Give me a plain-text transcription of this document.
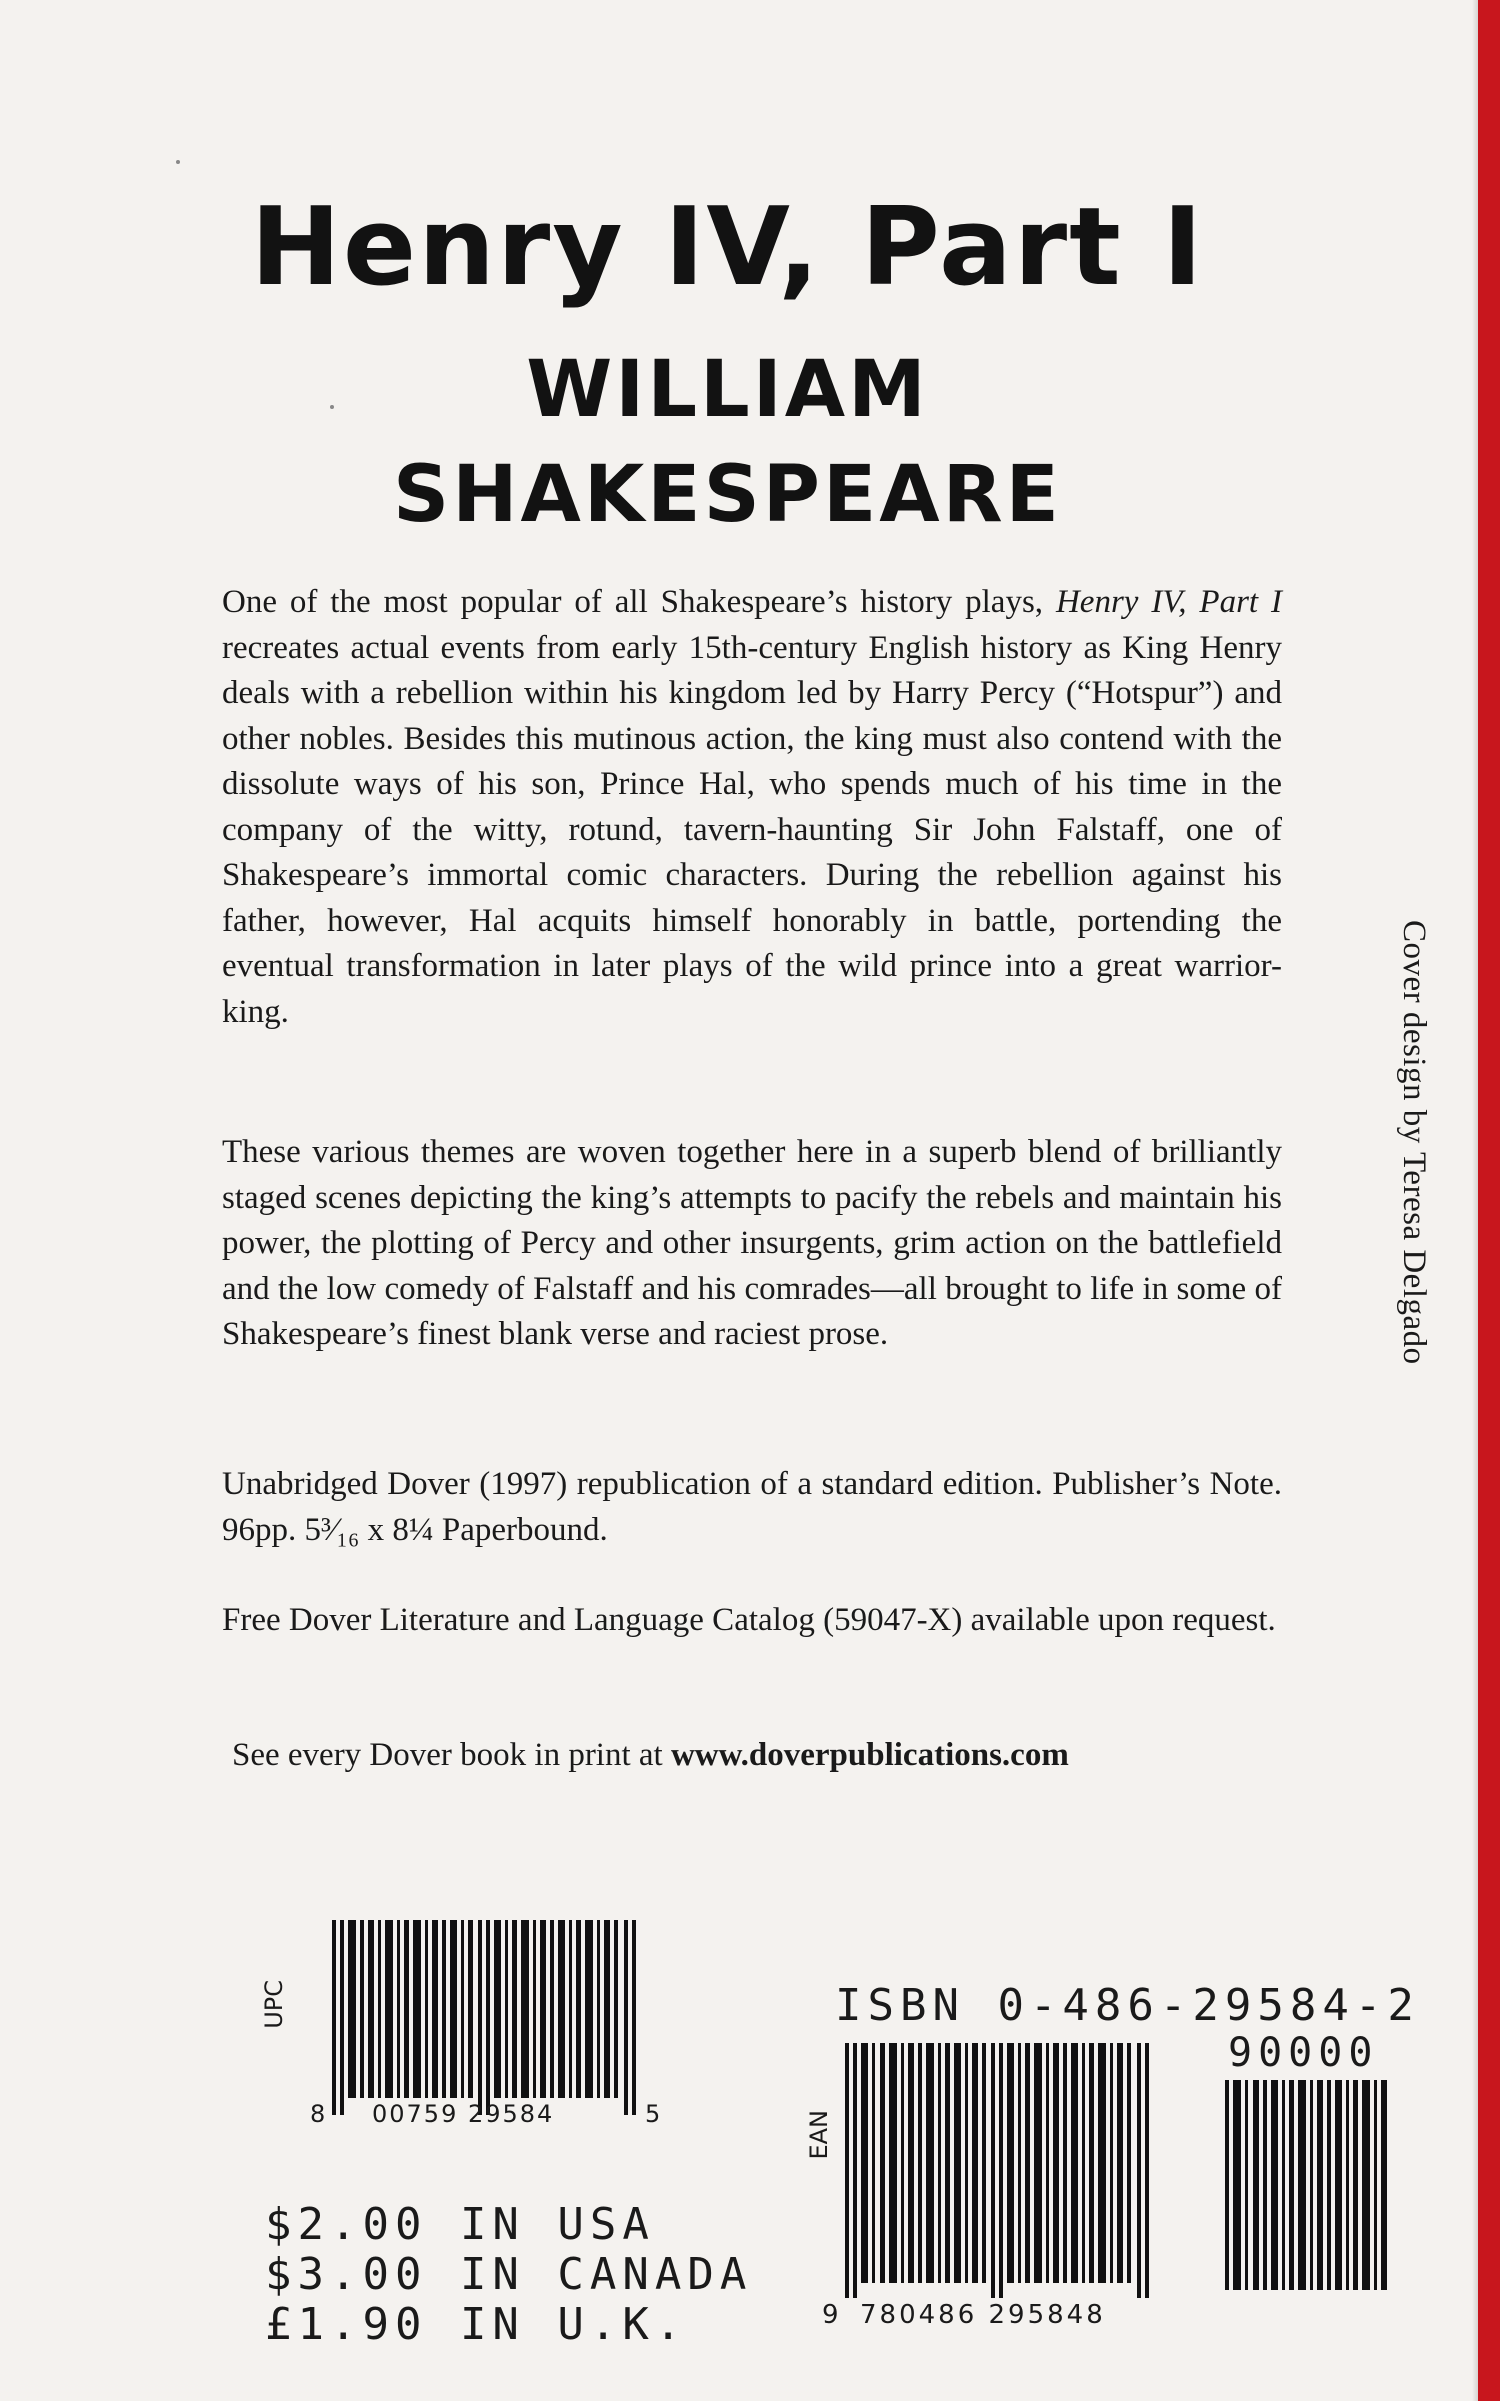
Henry IV, Part I
WILLIAM
SHAKESPEARE
One of the most popular of all Shakespeare’s history plays, Henry IV, Part I recreates actual events from early 15th-century English history as King Henry deals with a rebellion within his kingdom led by Harry Percy (“Hotspur”) and other nobles. Besides this mutinous action, the king must also contend with the dissolute ways of his son, Prince Hal, who spends much of his time in the company of the witty, rotund, tavern-haunting Sir John Falstaff, one of Shakespeare’s immortal comic characters. During the rebellion against his father, however, Hal acquits himself honorably in battle, portending the eventual transformation in later plays of the wild prince into a great warrior-king.
These various themes are woven together here in a superb blend of brilliantly staged scenes depicting the king’s attempts to pacify the rebels and maintain his power, the plotting of Percy and other insurgents, grim action on the battlefield and the low comedy of Falstaff and his comrades—all brought to life in some of Shakespeare’s finest blank verse and raciest prose.
Unabridged Dover (1997) republication of a standard edition. Publisher’s Note. 96pp. 5³⁄₁₆ x 8¼ Paperbound.
Free Dover Literature and Language Catalog (59047-X) available upon request.
See every Dover book in print at www.doverpublications.com
Cover design by Teresa Delgado
UPC
8 00759 29584	5
$2.00 IN USA
$3.00 IN CANADA
£1.90 IN U.K.
ISBN 0-486-29584-2
90000
EAN
9 780486 295848
